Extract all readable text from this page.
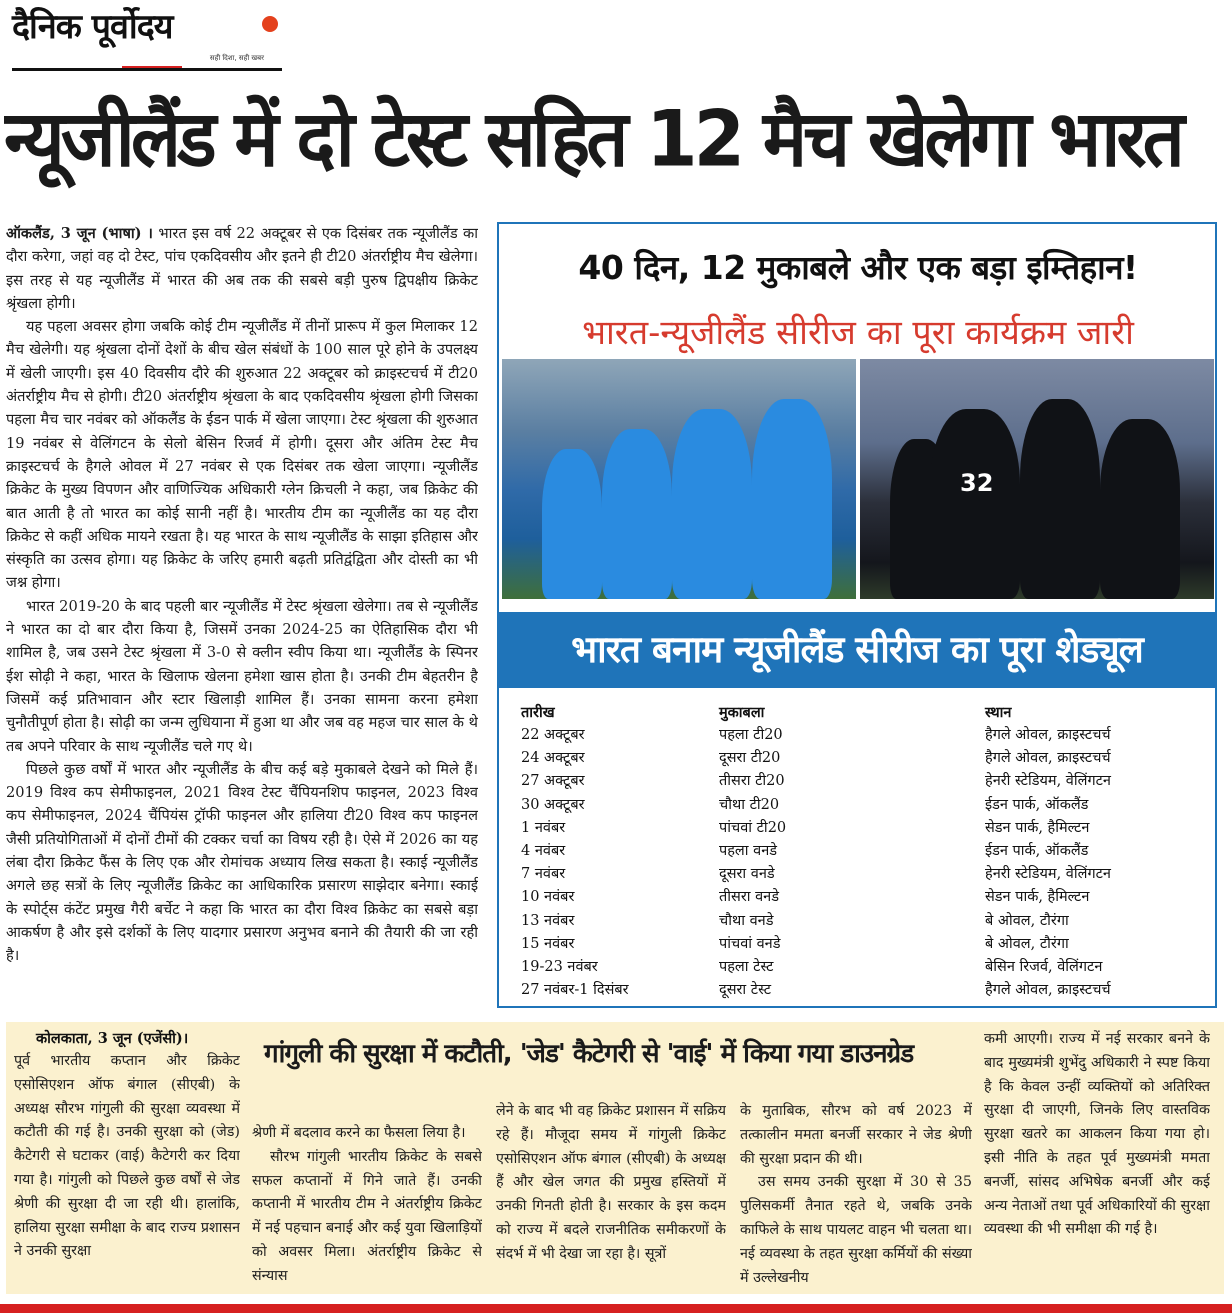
दैनिक पूर्वोदय
सही दिशा, सही खबर
न्यूजीलैंड में दो टेस्ट सहित 12 मैच खेलेगा भारत

ऑकलैंड, 3 जून (भाषा) । भारत इस वर्ष 22 अक्टूबर से एक दिसंबर तक न्यूजीलैंड का दौरा करेगा, जहां वह दो टेस्ट, पांच एकदिवसीय और इतने ही टी20 अंतर्राष्ट्रीय मैच खेलेगा। इस तरह से यह न्यूजीलैंड में भारत की अब तक की सबसे बड़ी पुरुष द्विपक्षीय क्रिकेट श्रृंखला होगी।

यह पहला अवसर होगा जबकि कोई टीम न्यूजीलैंड में तीनों प्रारूप में कुल मिलाकर 12 मैच खेलेगी। यह श्रृंखला दोनों देशों के बीच खेल संबंधों के 100 साल पूरे होने के उपलक्ष्य में खेली जाएगी। इस 40 दिवसीय दौरे की शुरुआत 22 अक्टूबर को क्राइस्टचर्च में टी20 अंतर्राष्ट्रीय मैच से होगी। टी20 अंतर्राष्ट्रीय श्रृंखला के बाद एकदिवसीय श्रृंखला होगी जिसका पहला मैच चार नवंबर को ऑकलैंड के ईडन पार्क में खेला जाएगा। टेस्ट श्रृंखला की शुरुआत 19 नवंबर से वेलिंगटन के सेलो बेसिन रिजर्व में होगी। दूसरा और अंतिम टेस्ट मैच क्राइस्टचर्च के हैगले ओवल में 27 नवंबर से एक दिसंबर तक खेला जाएगा। न्यूजीलैंड क्रिकेट के मुख्य विपणन और वाणिज्यिक अधिकारी ग्लेन क्रिचली ने कहा, जब क्रिकेट की बात आती है तो भारत का कोई सानी नहीं है। भारतीय टीम का न्यूजीलैंड का यह दौरा क्रिकेट से कहीं अधिक मायने रखता है। यह भारत के साथ न्यूजीलैंड के साझा इतिहास और संस्कृति का उत्सव होगा। यह क्रिकेट के जरिए हमारी बढ़ती प्रतिद्वंद्विता और दोस्ती का भी जश्न होगा।

भारत 2019-20 के बाद पहली बार न्यूजीलैंड में टेस्ट श्रृंखला खेलेगा। तब से न्यूजीलैंड ने भारत का दो बार दौरा किया है, जिसमें उनका 2024-25 का ऐतिहासिक दौरा भी शामिल है, जब उसने टेस्ट श्रृंखला में 3-0 से क्लीन स्वीप किया था। न्यूजीलैंड के स्पिनर ईश सोढ़ी ने कहा, भारत के खिलाफ खेलना हमेशा खास होता है। उनकी टीम बेहतरीन है जिसमें कई प्रतिभावान और स्टार खिलाड़ी शामिल हैं। उनका सामना करना हमेशा चुनौतीपूर्ण होता है। सोढ़ी का जन्म लुधियाना में हुआ था और जब वह महज चार साल के थे तब अपने परिवार के साथ न्यूजीलैंड चले गए थे।

पिछले कुछ वर्षों में भारत और न्यूजीलैंड के बीच कई बड़े मुकाबले देखने को मिले हैं। 2019 विश्व कप सेमीफाइनल, 2021 विश्व टेस्ट चैंपियनशिप फाइनल, 2023 विश्व कप सेमीफाइनल, 2024 चैंपियंस ट्रॉफी फाइनल और हालिया टी20 विश्व कप फाइनल जैसी प्रतियोगिताओं में दोनों टीमों की टक्कर चर्चा का विषय रही है। ऐसे में 2026 का यह लंबा दौरा क्रिकेट फैंस के लिए एक और रोमांचक अध्याय लिख सकता है। स्काई न्यूजीलैंड अगले छह सत्रों के लिए न्यूजीलैंड क्रिकेट का आधिकारिक प्रसारण साझेदार बनेगा। स्काई के स्पोर्ट्स कंटेंट प्रमुख गैरी बर्चेट ने कहा कि भारत का दौरा विश्व क्रिकेट का सबसे बड़ा आकर्षण है और इसे दर्शकों के लिए यादगार प्रसारण अनुभव बनाने की तैयारी की जा रही है।

40 दिन, 12 मुकाबले और एक बड़ा इम्तिहान!
भारत-न्यूजीलैंड सीरीज का पूरा कार्यक्रम जारी
32
भारत बनाम न्यूजीलैंड सीरीज का पूरा शेड्यूल
तारीख	मुकाबला	स्थान
22 अक्टूबर	पहला टी20	हैगले ओवल, क्राइस्टचर्च
24 अक्टूबर	दूसरा टी20	हैगले ओवल, क्राइस्टचर्च
27 अक्टूबर	तीसरा टी20	हेनरी स्टेडियम, वेलिंगटन
30 अक्टूबर	चौथा टी20	ईडन पार्क, ऑकलैंड
1 नवंबर	पांचवां टी20	सेडन पार्क, हैमिल्टन
4 नवंबर	पहला वनडे	ईडन पार्क, ऑकलैंड
7 नवंबर	दूसरा वनडे	हेनरी स्टेडियम, वेलिंगटन
10 नवंबर	तीसरा वनडे	सेडन पार्क, हैमिल्टन
13 नवंबर	चौथा वनडे	बे ओवल, टौरंगा
15 नवंबर	पांचवां वनडे	बे ओवल, टौरंगा
19-23 नवंबर	पहला टेस्ट	बेसिन रिजर्व, वेलिंगटन
27 नवंबर-1 दिसंबर	दूसरा टेस्ट	हैगले ओवल, क्राइस्टचर्च
कोलकाता, 3 जून (एजेंसी)।
गांगुली की सुरक्षा में कटौती, 'जेड' कैटेगरी से 'वाई' में किया गया डाउनग्रेड

पूर्व भारतीय कप्तान और क्रिकेट एसोसिएशन ऑफ बंगाल (सीएबी) के अध्यक्ष सौरभ गांगुली की सुरक्षा व्यवस्था में कटौती की गई है। उनकी सुरक्षा को (जेड) कैटेगरी से घटाकर (वाई) कैटेगरी कर दिया गया है। गांगुली को पिछले कुछ वर्षों से जेड श्रेणी की सुरक्षा दी जा रही थी। हालांकि, हालिया सुरक्षा समीक्षा के बाद राज्य प्रशासन ने उनकी सुरक्षा

श्रेणी में बदलाव करने का फैसला लिया है।

सौरभ गांगुली भारतीय क्रिकेट के सबसे सफल कप्तानों में गिने जाते हैं। उनकी कप्तानी में भारतीय टीम ने अंतर्राष्ट्रीय क्रिकेट में नई पहचान बनाई और कई युवा खिलाड़ियों को अवसर मिला। अंतर्राष्ट्रीय क्रिकेट से संन्यास

लेने के बाद भी वह क्रिकेट प्रशासन में सक्रिय रहे हैं। मौजूदा समय में गांगुली क्रिकेट एसोसिएशन ऑफ बंगाल (सीएबी) के अध्यक्ष हैं और खेल जगत की प्रमुख हस्तियों में उनकी गिनती होती है। सरकार के इस कदम को राज्य में बदले राजनीतिक समीकरणों के संदर्भ में भी देखा जा रहा है। सूत्रों

के मुताबिक, सौरभ को वर्ष 2023 में तत्कालीन ममता बनर्जी सरकार ने जेड श्रेणी की सुरक्षा प्रदान की थी।

उस समय उनकी सुरक्षा में 30 से 35 पुलिसकर्मी तैनात रहते थे, जबकि उनके काफिले के साथ पायलट वाहन भी चलता था। नई व्यवस्था के तहत सुरक्षा कर्मियों की संख्या में उल्लेखनीय

कमी आएगी। राज्य में नई सरकार बनने के बाद मुख्यमंत्री शुभेंदु अधिकारी ने स्पष्ट किया है कि केवल उन्हीं व्यक्तियों को अतिरिक्त सुरक्षा दी जाएगी, जिनके लिए वास्तविक सुरक्षा खतरे का आकलन किया गया हो। इसी नीति के तहत पूर्व मुख्यमंत्री ममता बनर्जी, सांसद अभिषेक बनर्जी और कई अन्य नेताओं तथा पूर्व अधिकारियों की सुरक्षा व्यवस्था की भी समीक्षा की गई है।
